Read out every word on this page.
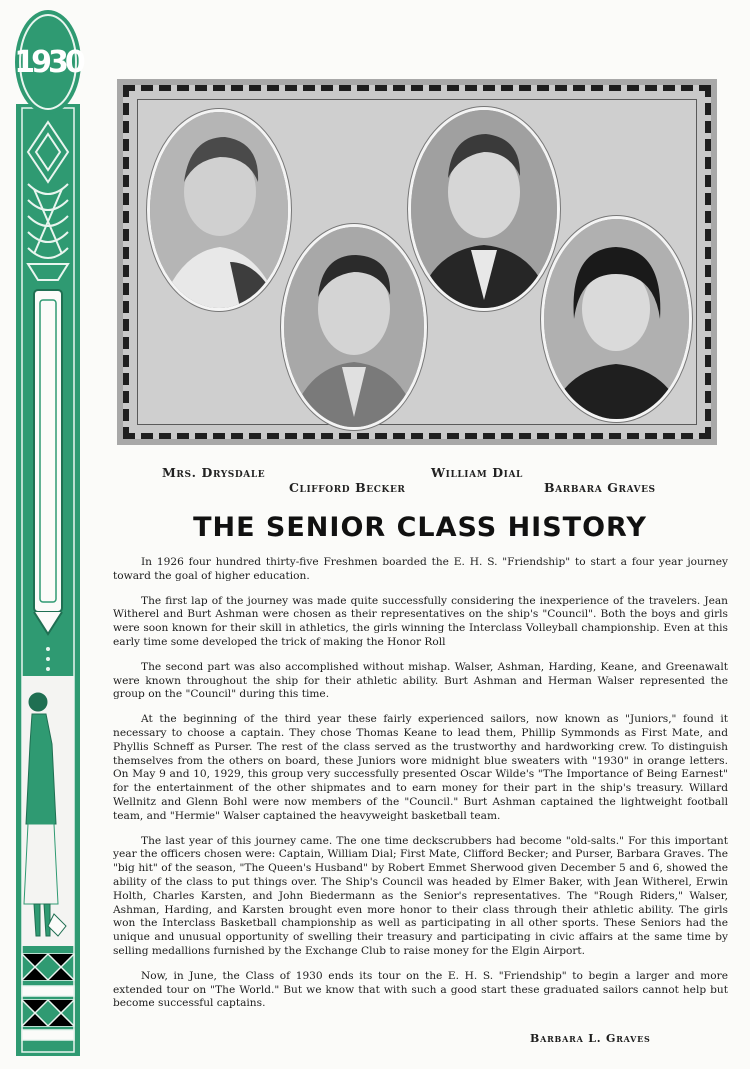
1930
Mrs. Drysdale
Clifford Becker
William Dial
Barbara Graves
THE SENIOR CLASS HISTORY

In 1926 four hundred thirty-five Freshmen boarded the E. H. S. "Friendship" to start a four year journey toward the goal of higher education.

The first lap of the journey was made quite successfully considering the inexperience of the travelers. Jean Witherel and Burt Ashman were chosen as their representatives on the ship's "Council". Both the boys and girls were soon known for their skill in athletics, the girls winning the Interclass Volleyball championship. Even at this early time some developed the trick of making the Honor Roll

The second part was also accomplished without mishap. Walser, Ashman, Harding, Keane, and Greenawalt were known throughout the ship for their athletic ability. Burt Ashman and Herman Walser represented the group on the "Council" during this time.

At the beginning of the third year these fairly experienced sailors, now known as "Juniors," found it necessary to choose a captain. They chose Thomas Keane to lead them, Phillip Symmonds as First Mate, and Phyllis Schneff as Purser. The rest of the class served as the trustworthy and hardworking crew. To distinguish themselves from the others on board, these Juniors wore midnight blue sweaters with "1930" in orange letters. On May 9 and 10, 1929, this group very successfully presented Oscar Wilde's "The Importance of Being Earnest" for the entertainment of the other shipmates and to earn money for their part in the ship's treasury. Willard Wellnitz and Glenn Bohl were now members of the "Council." Burt Ashman captained the lightweight football team, and "Hermie" Walser captained the heavyweight basketball team.

The last year of this journey came. The one time deckscrubbers had become "old-salts." For this important year the officers chosen were: Captain, William Dial; First Mate, Clifford Becker; and Purser, Barbara Graves. The "big hit" of the season, "The Queen's Husband" by Robert Emmet Sherwood given December 5 and 6, showed the ability of the class to put things over. The Ship's Council was headed by Elmer Baker, with Jean Witherel, Erwin Holth, Charles Karsten, and John Biedermann as the Senior's representatives. The "Rough Riders," Walser, Ashman, Harding, and Karsten brought even more honor to their class through their athletic ability. The girls won the Interclass Basketball championship as well as participating in all other sports. These Seniors had the unique and unusual opportunity of swelling their treasury and participating in civic affairs at the same time by selling medallions furnished by the Exchange Club to raise money for the Elgin Airport.

Now, in June, the Class of 1930 ends its tour on the E. H. S. "Friendship" to begin a larger and more extended tour on "The World." But we know that with such a good start these graduated sailors cannot help but become successful captains.

Barbara L. Graves
